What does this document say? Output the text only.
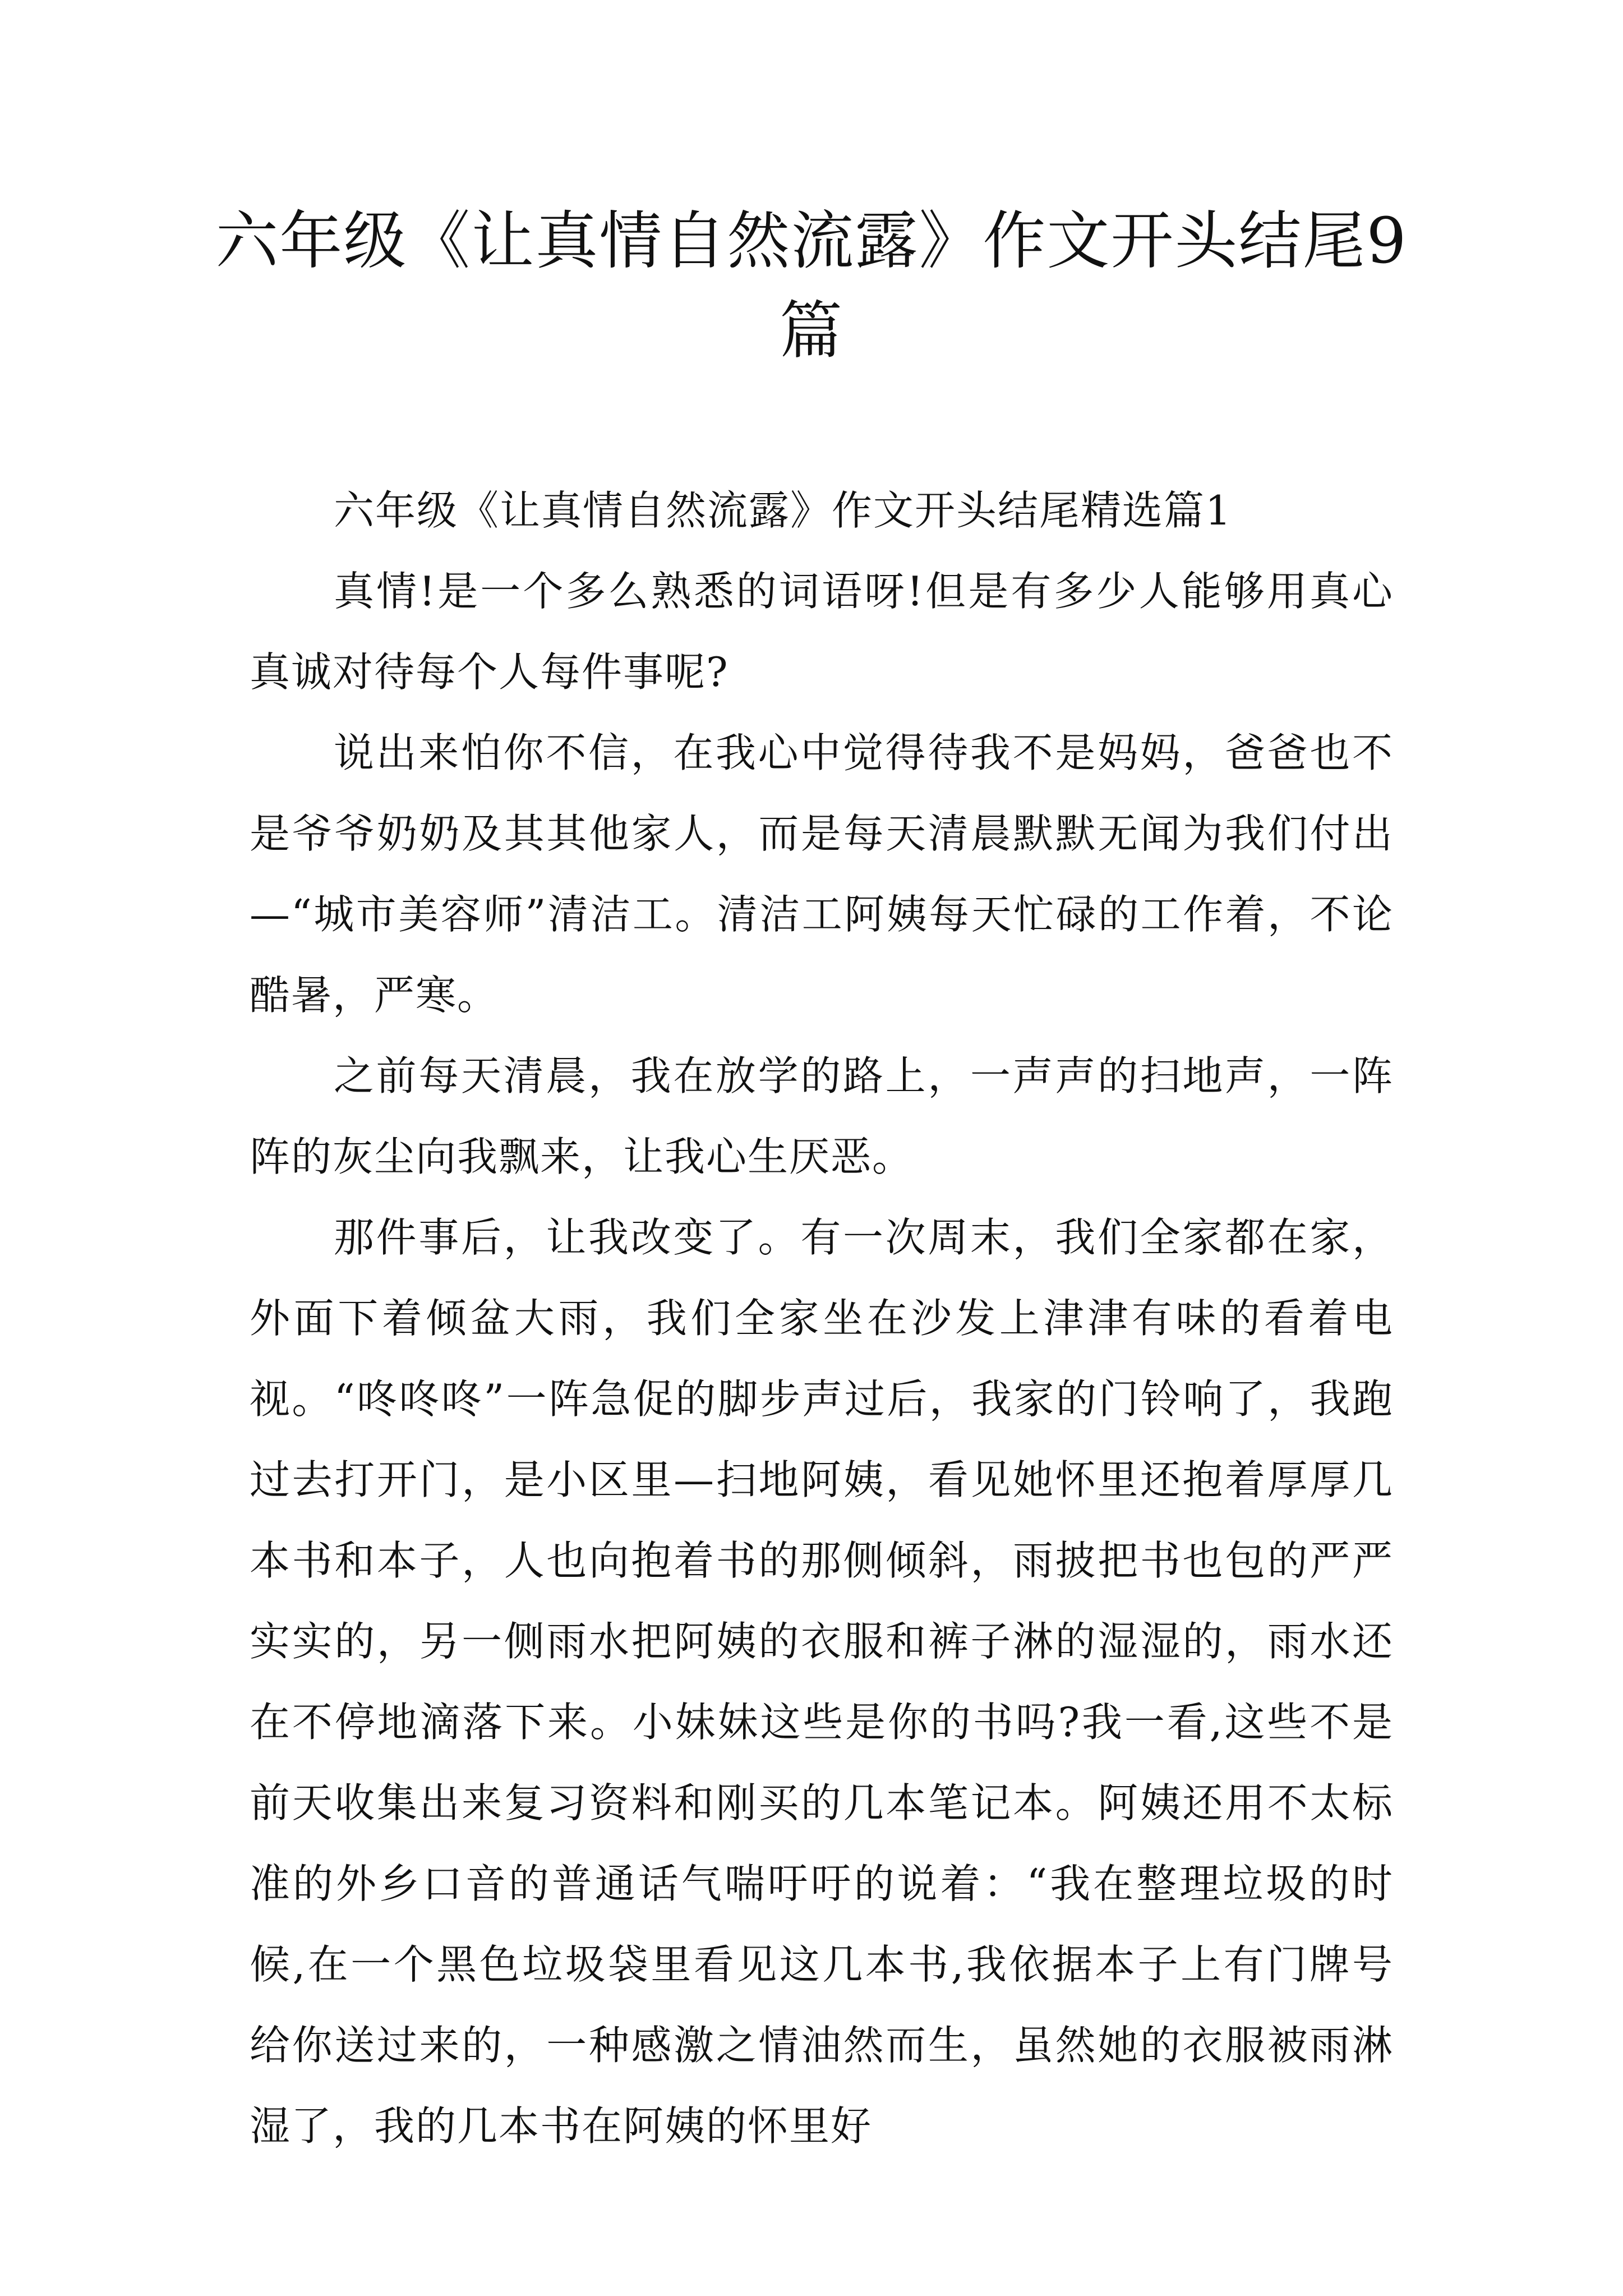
六年级《让真情自然流露》作文开头结尾9篇

六年级《让真情自然流露》作文开头结尾精选篇1

真情!是一个多么熟悉的词语呀!但是有多少人能够用真心真诚对待每个人每件事呢?

说出来怕你不信，在我心中觉得待我不是妈妈，爸爸也不是爷爷奶奶及其其他家人，而是每天清晨默默无闻为我们付出—“城市美容师”清洁工。清洁工阿姨每天忙碌的工作着，不论酷暑，严寒。

之前每天清晨，我在放学的路上，一声声的扫地声，一阵阵的灰尘向我飘来，让我心生厌恶。

那件事后，让我改变了。有一次周末，我们全家都在家，外面下着倾盆大雨，我们全家坐在沙发上津津有味的看着电视。“咚咚咚”一阵急促的脚步声过后，我家的门铃响了，我跑过去打开门，是小区里—扫地阿姨，看见她怀里还抱着厚厚几本书和本子，人也向抱着书的那侧倾斜，雨披把书也包的严严实实的，另一侧雨水把阿姨的衣服和裤子淋的湿湿的，雨水还在不停地滴落下来。小妹妹这些是你的书吗?我一看,这些不是前天收集出来复习资料和刚买的几本笔记本。阿姨还用不太标准的外乡口音的普通话气喘吁吁的说着：“我在整理垃圾的时候,在一个黑色垃圾袋里看见这几本书,我依据本子上有门牌号给你送过来的，一种感激之情油然而生，虽然她的衣服被雨淋湿了，我的几本书在阿姨的怀里好
